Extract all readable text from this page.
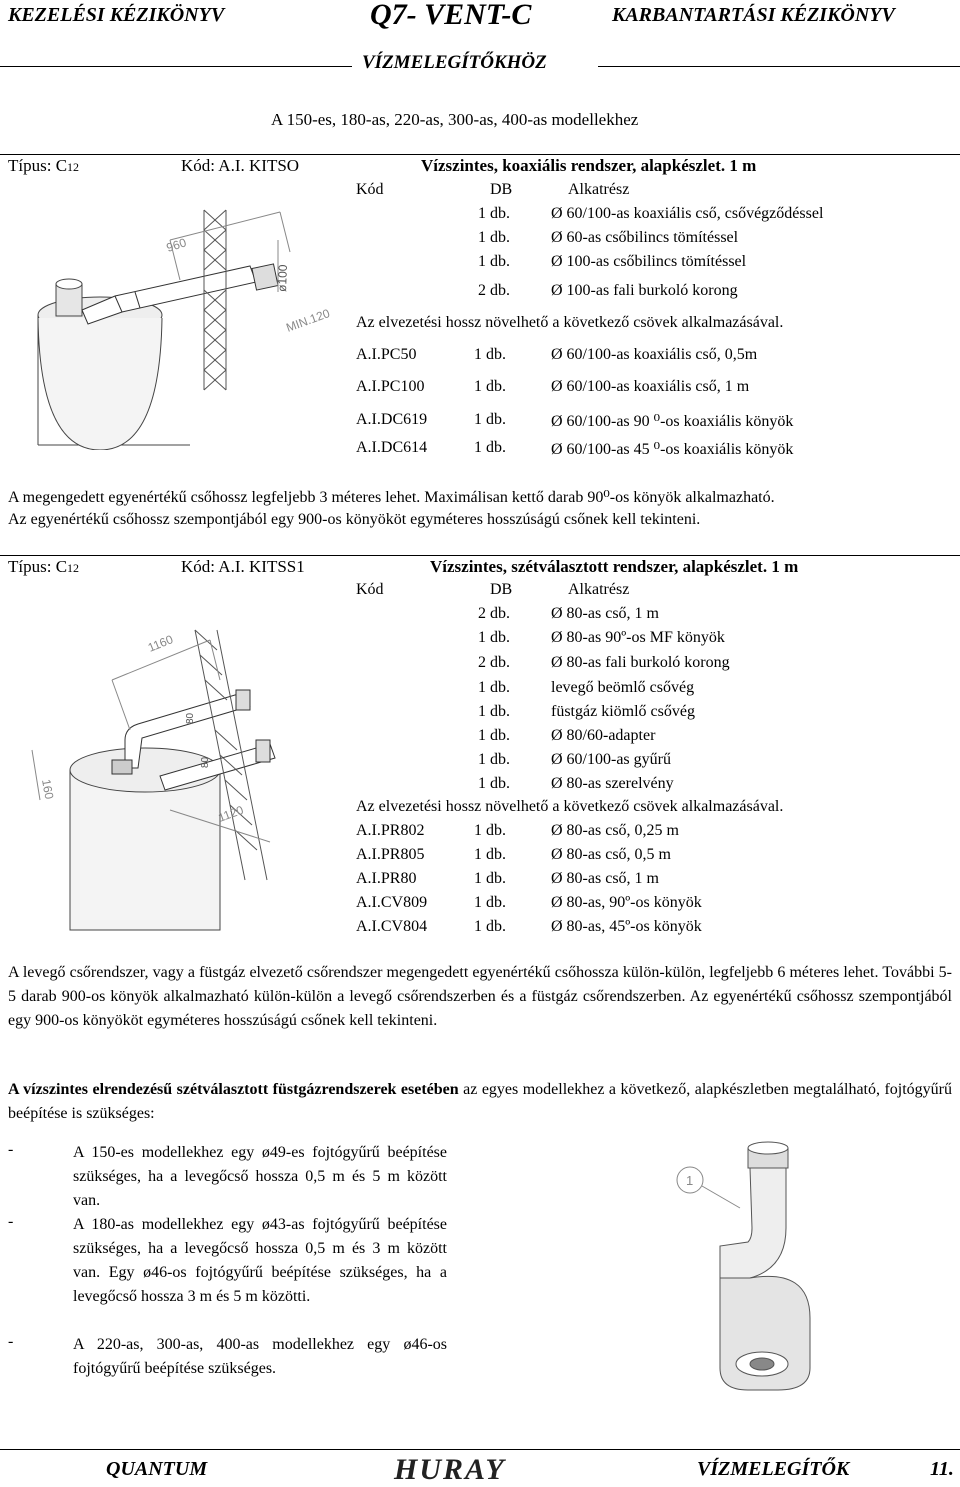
KEZELÉSI KÉZIKÖNYV	Q7- VENT-C	KARBANTARTÁSI KÉZIKÖNYV
VÍZMELEGÍTŐKHÖZ
A 150-es, 180-as, 220-as, 300-as, 400-as modellekhez
Típus: C12	Kód: A.I. KITSO	Vízszintes, koaxiális rendszer, alapkészlet. 1 m
Kód	DB	Alkatrész
1 db.	Ø 60/100-as koaxiális cső, csővégződéssel
1 db.	Ø 60-as csőbilincs tömítéssel
1 db.	Ø 100-as csőbilincs tömítéssel
2 db.	Ø 100-as fali burkoló korong
Az elvezetési hossz növelhető a következő csövek alkalmazásával.
A.I.PC50	1 db.	Ø 60/100-as koaxiális cső, 0,5m
A.I.PC100	1 db.	Ø 60/100-as koaxiális cső, 1 m
A.I.DC619	1 db.	Ø 60/100-as 90 ⁰-os koaxiális könyök
A.I.DC614	1 db.	Ø 60/100-as 45 ⁰-os koaxiális könyök
960
ø100
MIN.120
A megengedett egyenértékű csőhossz legfeljebb 3 méteres lehet. Maximálisan kettő darab 90⁰-os könyök alkalmazható.
Az egyenértékű csőhossz szempontjából egy 900-os könyököt egyméteres hosszúságú csőnek kell tekinteni.
Típus: C12	Kód: A.I. KITSS1	Vízszintes, szétválasztott rendszer, alapkészlet. 1 m
Kód	DB	Alkatrész
2 db.	Ø 80-as cső, 1 m
1 db.	Ø 80-as 90º-os MF könyök
2 db.	Ø 80-as fali burkoló korong
1 db.	levegő beömlő csővég
1 db.	füstgáz kiömlő csővég
1 db.	Ø 80/60-adapter
1 db.	Ø 60/100-as gyűrű
1 db.	Ø 80-as szerelvény
Az elvezetési hossz növelhető a következő csövek alkalmazásával.
A.I.PR802	1 db.	Ø 80-as cső, 0,25 m
A.I.PR805	1 db.	Ø 80-as cső, 0,5 m
A.I.PR80	1 db.	Ø 80-as cső, 1 m
A.I.CV809	1 db.	Ø 80-as, 90º-os könyök
A.I.CV804	1 db.	Ø 80-as, 45º-os könyök
1160
160
1120
80
80
A levegő csőrendszer, vagy a füstgáz elvezető csőrendszer megengedett egyenértékű csőhossza külön-külön, legfeljebb 6 méteres lehet. További 5-5 darab 900-os könyök alkalmazható külön-külön a levegő csőrendszerben és a füstgáz csőrendszerben. Az egyenértékű csőhossz szempontjából egy 900-os könyököt egyméteres hosszúságú csőnek kell tekinteni.
A vízszintes elrendezésű szétválasztott füstgázrendszerek esetében az egyes modellekhez a következő, alapkészletben megtalálható, fojtógyűrű beépítése is szükséges:
-	A 150-es modellekhez egy ø49-es fojtógyűrű beépítése szükséges, ha a levegőcső hossza 0,5 m és 5 m között van.
-	A 180-as modellekhez egy ø43-as fojtógyűrű beépítése szükséges, ha a levegőcső hossza 0,5 m és 3 m között van. Egy ø46-os fojtógyűrű beépítése szükséges, ha a levegőcső hossza 3 m és 5 m közötti.
-	A 220-as, 300-as, 400-as modellekhez egy ø46-os fojtógyűrű beépítése szükséges.
1
QUANTUM	HURAY	VÍZMELEGÍTŐK	11.
